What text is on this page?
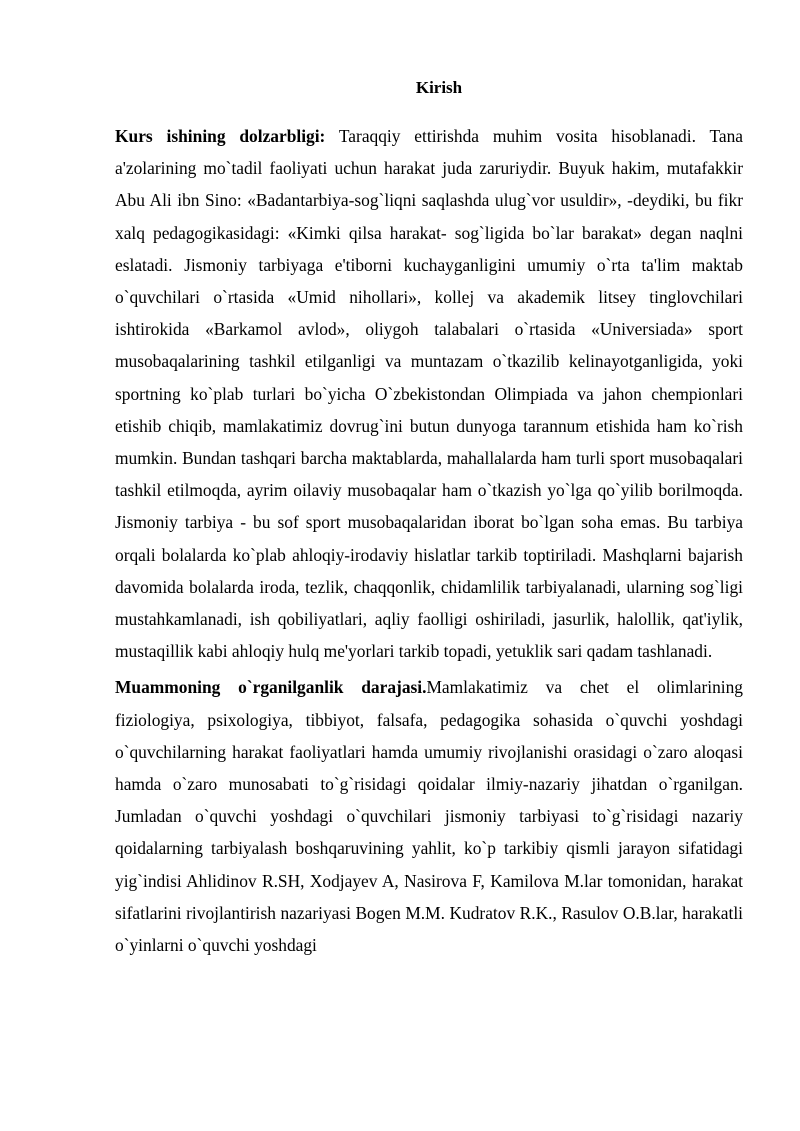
Kirish

Kurs ishining dolzarbligi: Taraqqiy ettirishda muhim vosita hisoblanadi. Tana a'zolarining mo`tadil faoliyati uchun harakat juda zaruriydir. Buyuk hakim, mutafakkir Abu Ali ibn Sino: «Badantarbiya-sog`liqni saqlashda ulug`vor usuldir», -deydiki, bu fikr xalq pedagogikasidagi: «Kimki qilsa harakat- sog`ligida bo`lar barakat» degan naqlni eslatadi. Jismoniy tarbiyaga e'tiborni kuchayganligini umumiy o`rta ta'lim maktab o`quvchilari o`rtasida «Umid nihollari», kollej va akademik litsey tinglovchilari ishtirokida «Barkamol avlod», oliygoh talabalari o`rtasida «Universiada» sport musobaqalarining tashkil etilganligi va muntazam o`tkazilib kelinayotganligida, yoki sportning ko`plab turlari bo`yicha O`zbekistondan Olimpiada va jahon chempionlari etishib chiqib, mamlakatimiz dovrug`ini butun dunyoga tarannum etishida ham ko`rish mumkin. Bundan tashqari barcha maktablarda, mahallalarda ham turli sport musobaqalari tashkil etilmoqda, ayrim oilaviy musobaqalar ham o`tkazish yo`lga qo`yilib borilmoqda. Jismoniy tarbiya - bu sof sport musobaqalaridan iborat bo`lgan soha emas. Bu tarbiya orqali bolalarda ko`plab ahloqiy-irodaviy hislatlar tarkib toptiriladi. Mashqlarni bajarish davomida bolalarda iroda, tezlik, chaqqonlik, chidamlilik tarbiyalanadi, ularning sog`ligi mustahkamlanadi, ish qobiliyatlari, aqliy faolligi oshiriladi, jasurlik, halollik, qat'iylik, mustaqillik kabi ahloqiy hulq me'yorlari tarkib topadi, yetuklik sari qadam tashlanadi.

Muammoning o`rganilganlik darajasi.Mamlakatimiz va chet el olimlarining fiziologiya, psixologiya, tibbiyot, falsafa, pedagogika sohasida o`quvchi yoshdagi o`quvchilarning harakat faoliyatlari hamda umumiy rivojlanishi orasidagi o`zaro aloqasi hamda o`zaro munosabati to`g`risidagi qoidalar ilmiy-nazariy jihatdan o`rganilgan. Jumladan o`quvchi yoshdagi o`quvchilari jismoniy tarbiyasi to`g`risidagi nazariy qoidalarning tarbiyalash boshqaruvining yahlit, ko`p tarkibiy qismli jarayon sifatidagi yig`indisi Ahlidinov R.SH, Xodjayev A, Nasirova F, Kamilova M.lar tomonidan, harakat sifatlarini rivojlantirish nazariyasi Bogen M.M. Kudratov R.K., Rasulov O.B.lar, harakatli o`yinlarni o`quvchi yoshdagi
